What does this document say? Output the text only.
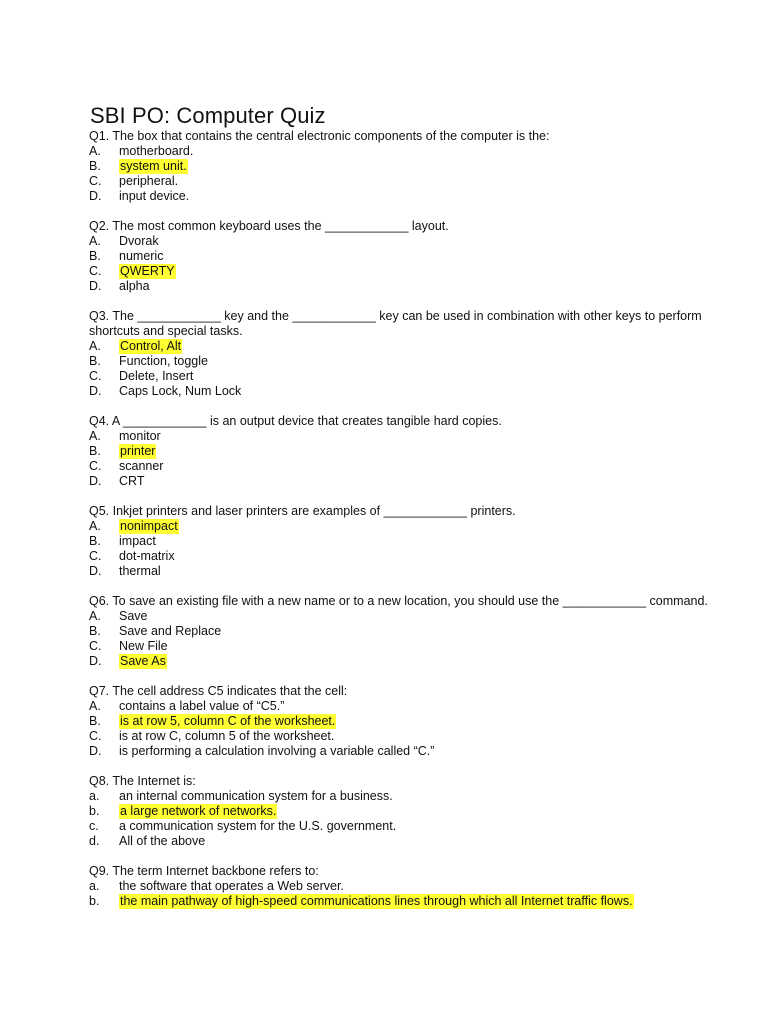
SBI PO: Computer Quiz

Q1. The box that contains the central electronic components of the computer is the:

A.	motherboard.
B.	system unit.
C.	peripheral.
D.	input device.

Q2. The most common keyboard uses the ____________ layout.

A.	Dvorak
B.	numeric
C.	QWERTY
D.	alpha

Q3. The ____________ key and the ____________ key can be used in combination with other keys to perform shortcuts and special tasks.

A.	Control, Alt
B.	Function, toggle
C.	Delete, Insert
D.	Caps Lock, Num Lock

Q4. A ____________ is an output device that creates tangible hard copies.

A.	monitor
B.	printer
C.	scanner
D.	CRT

Q5. Inkjet printers and laser printers are examples of ____________ printers.

A.	nonimpact
B.	impact
C.	dot-matrix
D.	thermal

Q6. To save an existing file with a new name or to a new location, you should use the ____________ command.

A.	Save
B.	Save and Replace
C.	New File
D.	Save As

Q7. The cell address C5 indicates that the cell:

A.	contains a label value of “C5.”
B.	is at row 5, column C of the worksheet.
C.	is at row C, column 5 of the worksheet.
D.	is performing a calculation involving a variable called “C.”

Q8. The Internet is:

a.	an internal communication system for a business.
b.	a large network of networks.
c.	a communication system for the U.S. government.
d.	All of the above

Q9. The term Internet backbone refers to:

a.	the software that operates a Web server.
b.	the main pathway of high-speed communications lines through which all Internet traffic flows.
